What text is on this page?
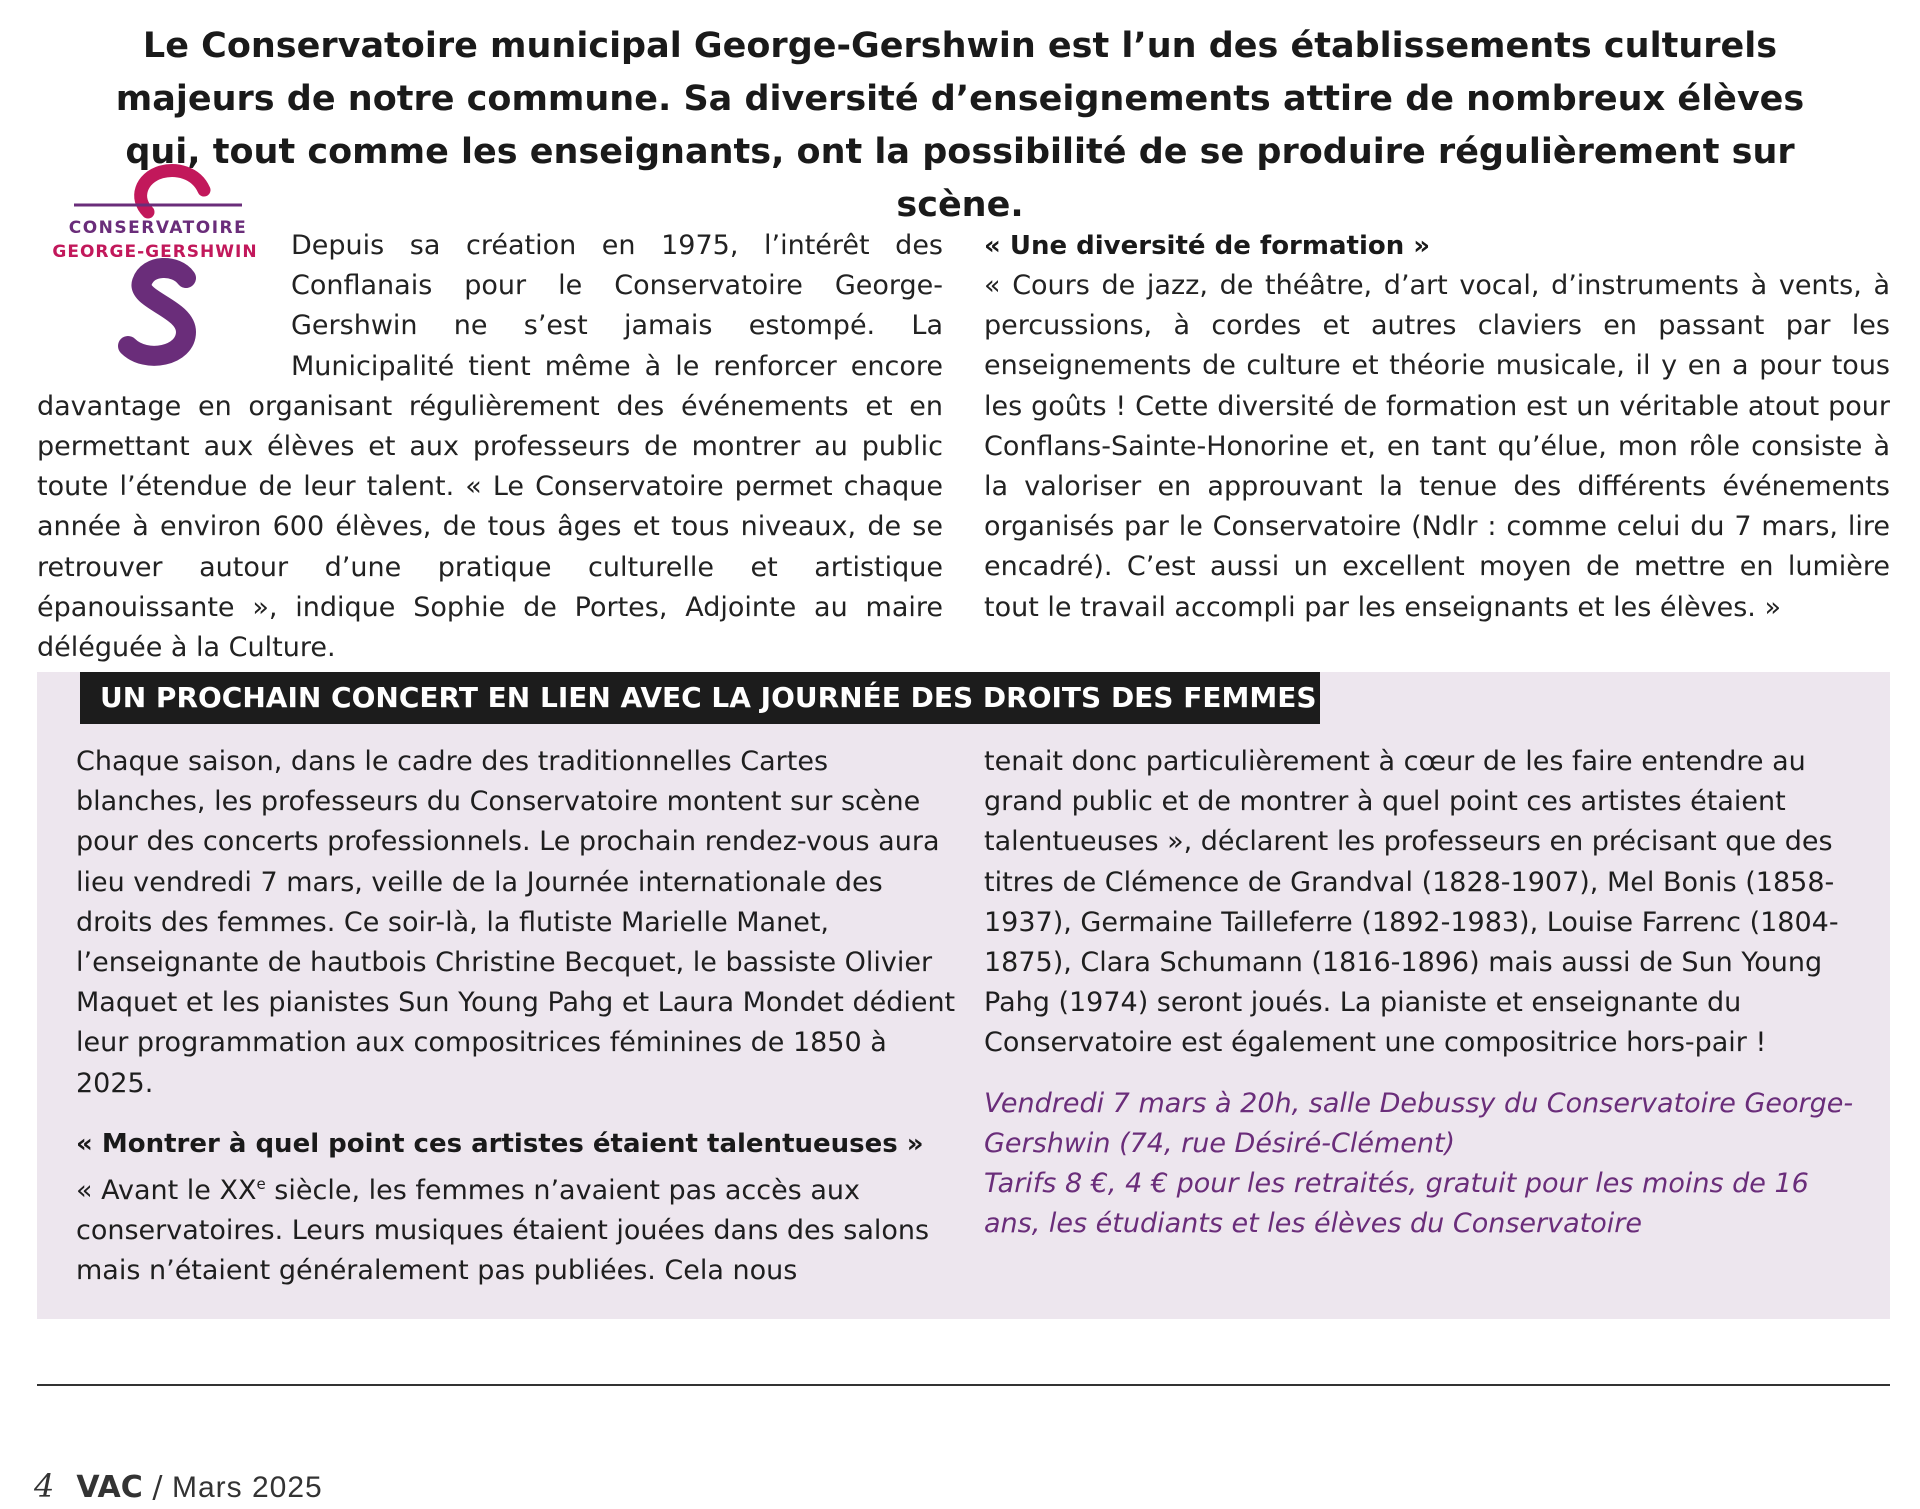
Le Conservatoire municipal George-Gershwin est l’un des établissements culturels majeurs de notre commune. Sa diversité d’enseignements attire de nombreux élèves qui, tout comme les enseignants, ont la possibilité de se produire régulièrement sur scène.

CONSERVATOIRE
GEORGE-GERSHWIN	Depuis sa création en 1975, l’intérêt des Conflanais pour le Conservatoire George-Gershwin ne s’est jamais estompé. La Municipalité tient même à le renforcer encore davantage en organisant régulièrement des événements et en permettant aux élèves et aux professeurs de montrer au public toute l’étendue de leur talent. « Le Conservatoire permet chaque année à environ 600 élèves, de tous âges et tous niveaux, de se retrouver autour d’une pratique culturelle et artistique épanouissante », indique Sophie de Portes, Adjointe au maire déléguée à la Culture.

« Une diversité de formation »

« Cours de jazz, de théâtre, d’art vocal, d’instruments à vents, à percussions, à cordes et autres claviers en passant par les enseignements de culture et théorie musicale, il y en a pour tous les goûts ! Cette diversité de formation est un véritable atout pour Conflans-Sainte-Honorine et, en tant qu’élue, mon rôle consiste à la valoriser en approuvant la tenue des différents événements organisés par le Conservatoire (Ndlr : comme celui du 7 mars, lire encadré). C’est aussi un excellent moyen de mettre en lumière tout le travail accompli par les enseignants et les élèves. »

UN PROCHAIN CONCERT EN LIEN AVEC LA JOURNÉE DES DROITS DES FEMMES

Chaque saison, dans le cadre des traditionnelles Cartes blanches, les professeurs du Conservatoire montent sur scène pour des concerts professionnels. Le prochain rendez-vous aura lieu vendredi 7 mars, veille de la Journée internationale des droits des femmes. Ce soir-là, la flutiste Marielle Manet, l’enseignante de hautbois Christine Becquet, le bassiste Olivier Maquet et les pianistes Sun Young Pahg et Laura Mondet dédient leur programmation aux compositrices féminines de 1850 à 2025.

« Montrer à quel point ces artistes étaient talentueuses »

« Avant le XXe siècle, les femmes n’avaient pas accès aux conservatoires. Leurs musiques étaient jouées dans des salons mais n’étaient généralement pas publiées. Cela nous

tenait donc particulièrement à cœur de les faire entendre au grand public et de montrer à quel point ces artistes étaient talentueuses », déclarent les professeurs en précisant que des titres de Clémence de Grandval (1828-1907), Mel Bonis (1858-1937), Germaine Tailleferre (1892-1983), Louise Farrenc (1804-1875), Clara Schumann (1816-1896) mais aussi de Sun Young Pahg (1974) seront joués. La pianiste et enseignante du Conservatoire est également une compositrice hors-pair !

Vendredi 7 mars à 20h, salle Debussy du Conservatoire George-Gershwin (74, rue Désiré-Clément)

Tarifs 8 €, 4 € pour les retraités, gratuit pour les moins de 16 ans, les étudiants et les élèves du Conservatoire

4 VAC / Mars 2025
